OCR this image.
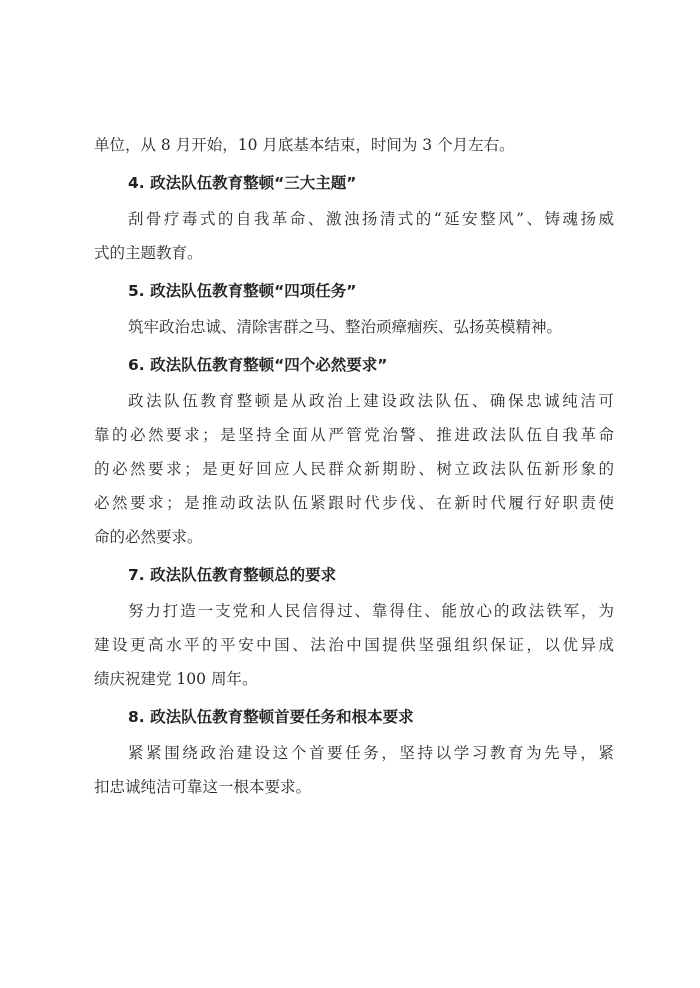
单位，从 8 月开始，10 月底基本结束，时间为 3 个月左右。
4. 政法队伍教育整顿“三大主题”
刮骨疗毒式的自我革命、激浊扬清式的“延安整风”、铸魂扬威
式的主题教育。
5. 政法队伍教育整顿“四项任务”
筑牢政治忠诚、清除害群之马、整治顽瘴痼疾、弘扬英模精神。
6. 政法队伍教育整顿“四个必然要求”
政法队伍教育整顿是从政治上建设政法队伍、确保忠诚纯洁可
靠的必然要求；是坚持全面从严管党治警、推进政法队伍自我革命
的必然要求；是更好回应人民群众新期盼、树立政法队伍新形象的
必然要求；是推动政法队伍紧跟时代步伐、在新时代履行好职责使
命的必然要求。
7. 政法队伍教育整顿总的要求
努力打造一支党和人民信得过、靠得住、能放心的政法铁军，为
建设更高水平的平安中国、法治中国提供坚强组织保证，以优异成
绩庆祝建党 100 周年。
8. 政法队伍教育整顿首要任务和根本要求
紧紧围绕政治建设这个首要任务，坚持以学习教育为先导，紧
扣忠诚纯洁可靠这一根本要求。
